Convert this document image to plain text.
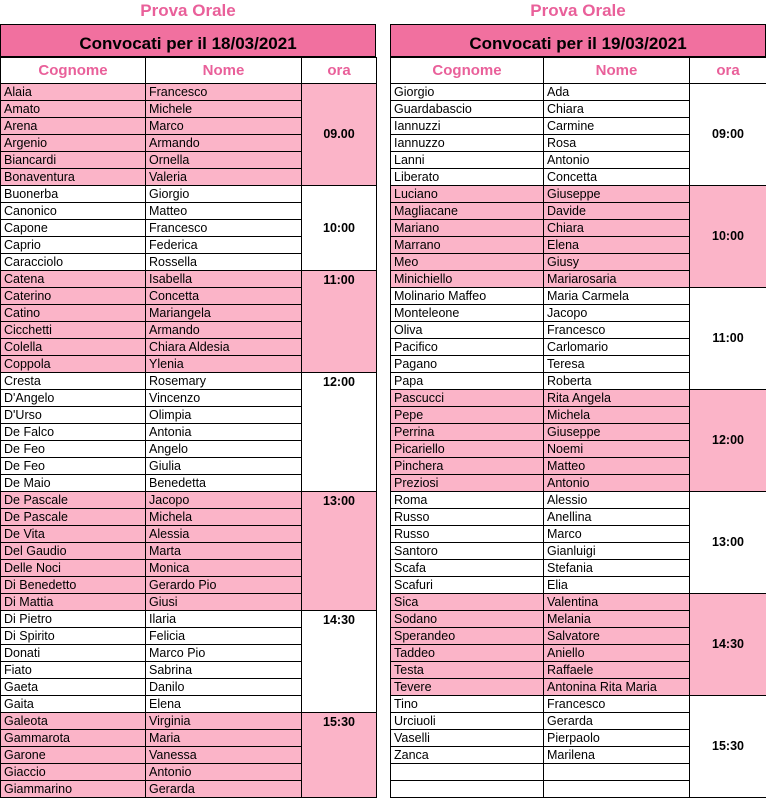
Prova Orale
Convocati per il 18/03/2021
Cognome	Nome	ora
Alaia	Francesco	09.00
Amato	Michele	
Arena	Marco	
Argenio	Armando	
Biancardi	Ornella	
Bonaventura	Valeria	
Buonerba	Giorgio	10:00
Canonico	Matteo	
Capone	Francesco	
Caprio	Federica	
Caracciolo	Rossella	
Catena	Isabella	11:00
Caterino	Concetta	
Catino	Mariangela	
Cicchetti	Armando	
Colella	Chiara Aldesia	
Coppola	Ylenia	
Cresta	Rosemary	12:00
D'Angelo	Vincenzo	
D'Urso	Olimpia	
De Falco	Antonia	
De Feo	Angelo	
De Feo	Giulia	
De Maio	Benedetta	
De Pascale	Jacopo	13:00
De Pascale	Michela	
De Vita	Alessia	
Del Gaudio	Marta	
Delle Noci	Monica	
Di Benedetto	Gerardo Pio	
Di Mattia	Giusi	
Di Pietro	Ilaria	14:30
Di Spirito	Felicia	
Donati	Marco Pio	
Fiato	Sabrina	
Gaeta	Danilo	
Gaita	Elena	
Galeota	Virginia	15:30
Gammarota	Maria	
Garone	Vanessa	
Giaccio	Antonio	
Giammarino	Gerarda	
Prova Orale
Convocati per il 19/03/2021
Cognome	Nome	ora
Giorgio	Ada	09:00
Guardabascio	Chiara	
Iannuzzi	Carmine	
Iannuzzo	Rosa	
Lanni	Antonio	
Liberato	Concetta	
Luciano	Giuseppe	10:00
Magliacane	Davide	
Mariano	Chiara	
Marrano	Elena	
Meo	Giusy	
Minichiello	Mariarosaria	
Molinario Maffeo	Maria Carmela	11:00
Monteleone	Jacopo	
Oliva	Francesco	
Pacifico	Carlomario	
Pagano	Teresa	
Papa	Roberta	
Pascucci	Rita Angela	12:00
Pepe	Michela	
Perrina	Giuseppe	
Picariello	Noemi	
Pinchera	Matteo	
Preziosi	Antonio	
Roma	Alessio	13:00
Russo	Anellina	
Russo	Marco	
Santoro	Gianluigi	
Scafa	Stefania	
Scafuri	Elia	
Sica	Valentina	14:30
Sodano	Melania	
Sperandeo	Salvatore	
Taddeo	Aniello	
Testa	Raffaele	
Tevere	Antonina Rita Maria	
Tino	Francesco	15:30
Urciuoli	Gerarda	
Vaselli	Pierpaolo	
Zanca	Marilena	
